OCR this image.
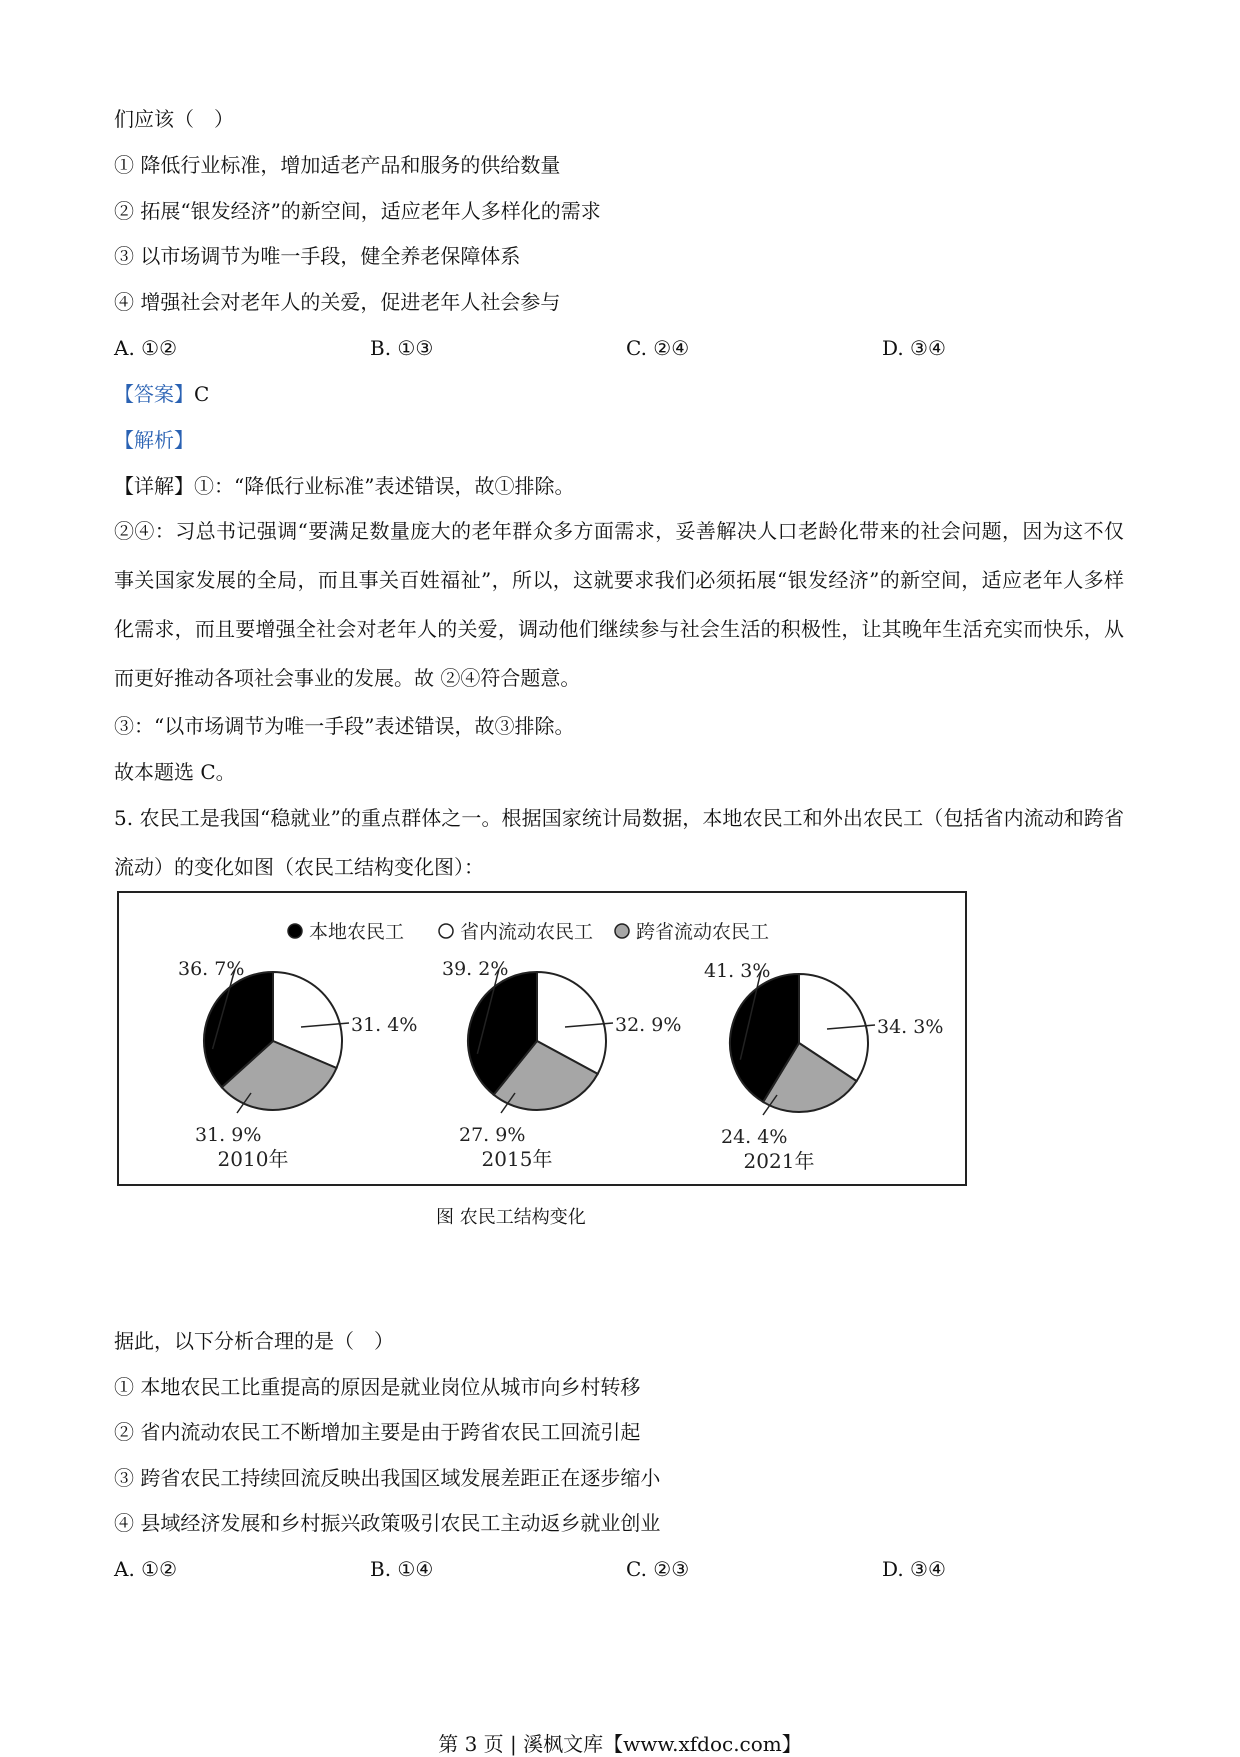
们应该（　）
① 降低行业标准，增加适老产品和服务的供给数量
② 拓展“银发经济”的新空间，适应老年人多样化的需求
③ 以市场调节为唯一手段，健全养老保障体系
④ 增强社会对老年人的关爱，促进老年人社会参与
A. ①②	B. ①③	C. ②④	D. ③④
【答案】C
【解析】
【详解】①：“降低行业标准”表述错误，故①排除。
②④：习总书记强调“要满足数量庞大的老年群众多方面需求，妥善解决人口老龄化带来的社会问题，因为这不仅事关国家发展的全局，而且事关百姓福祉”，所以，这就要求我们必须拓展“银发经济”的新空间，适应老年人多样化需求，而且要增强全社会对老年人的关爱，调动他们继续参与社会生活的积极性，让其晚年生活充实而快乐，从而更好推动各项社会事业的发展。故 ②④符合题意。
③：“以市场调节为唯一手段”表述错误，故③排除。
故本题选 C。
5. 农民工是我国“稳就业”的重点群体之一。根据国家统计局数据，本地农民工和外出农民工（包括省内流动和跨省流动）的变化如图（农民工结构变化图）：
本地农民工	省内流动农民工 跨省流动农民工
36. 7%
31. 4%
31. 9%
2010年
39. 2%
32. 9%
27. 9%
2015年
41. 3%
34. 3%
24. 4%
2021年
图 农民工结构变化
据此，以下分析合理的是（　）
① 本地农民工比重提高的原因是就业岗位从城市向乡村转移
② 省内流动农民工不断增加主要是由于跨省农民工回流引起
③ 跨省农民工持续回流反映出我国区域发展差距正在逐步缩小
④ 县域经济发展和乡村振兴政策吸引农民工主动返乡就业创业
A. ①②	B. ①④	C. ②③	D. ③④
第 3 页 | 溪枫文库【www.xfdoc.com】
